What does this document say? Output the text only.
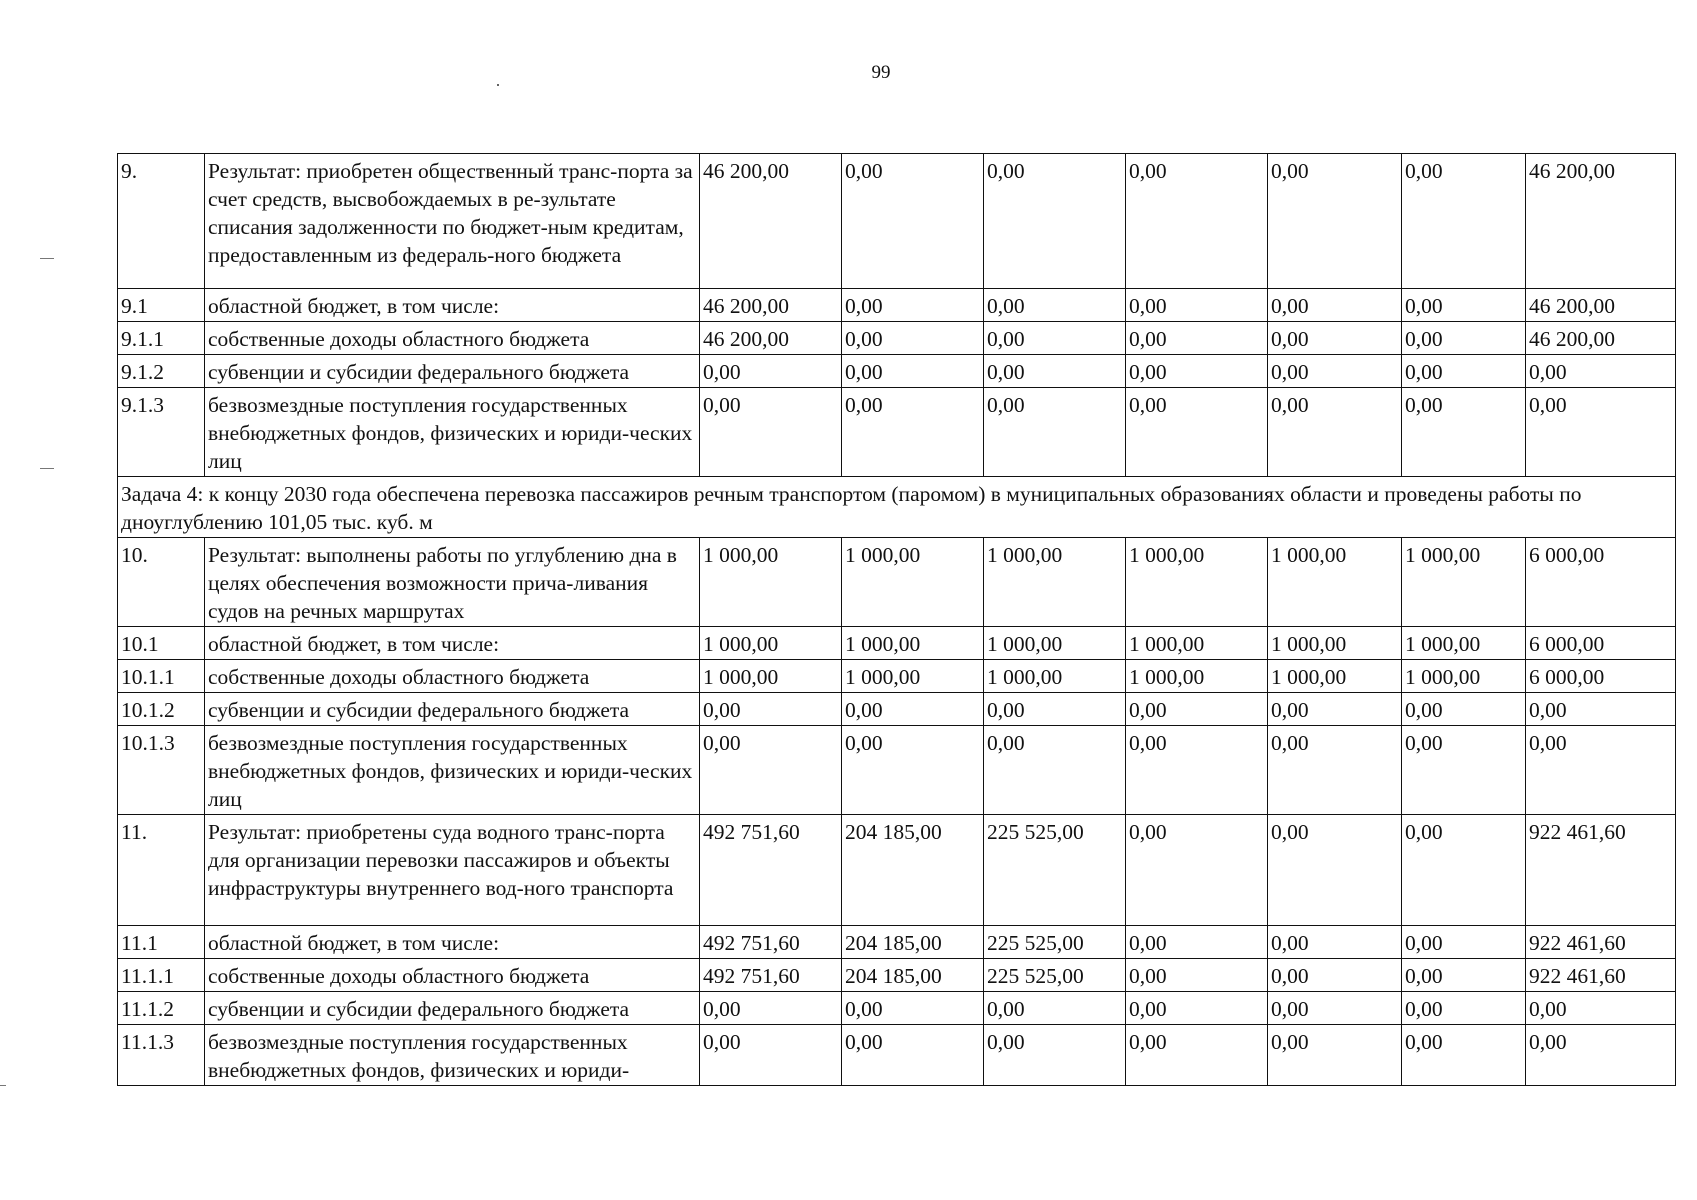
99
9.	Результат: приобретен общественный транс-порта за счет средств, высвобождаемых в ре-зультате списания задолженности по бюджет-ным кредитам, предоставленным из федераль-ного бюджета	46 200,00	0,00	0,00	0,00	0,00	0,00	46 200,00
9.1	областной бюджет, в том числе:	46 200,00	0,00	0,00	0,00	0,00	0,00	46 200,00
9.1.1	собственные доходы областного бюджета	46 200,00	0,00	0,00	0,00	0,00	0,00	46 200,00
9.1.2	субвенции и субсидии федерального бюджета	0,00	0,00	0,00	0,00	0,00	0,00	0,00
9.1.3	безвозмездные поступления государственных внебюджетных фондов, физических и юриди-ческих лиц	0,00	0,00	0,00	0,00	0,00	0,00	0,00
Задача 4: к концу 2030 года обеспечена перевозка пассажиров речным транспортом (паромом) в муниципальных образованиях области и проведены работы по дноуглублению 101,05 тыс. куб. м								
10.	Результат: выполнены работы по углублению дна в целях обеспечения возможности прича-ливания судов на речных маршрутах	1 000,00	1 000,00	1 000,00	1 000,00	1 000,00	1 000,00	6 000,00
10.1	областной бюджет, в том числе:	1 000,00	1 000,00	1 000,00	1 000,00	1 000,00	1 000,00	6 000,00
10.1.1	собственные доходы областного бюджета	1 000,00	1 000,00	1 000,00	1 000,00	1 000,00	1 000,00	6 000,00
10.1.2	субвенции и субсидии федерального бюджета	0,00	0,00	0,00	0,00	0,00	0,00	0,00
10.1.3	безвозмездные поступления государственных внебюджетных фондов, физических и юриди-ческих лиц	0,00	0,00	0,00	0,00	0,00	0,00	0,00
11.	Результат: приобретены суда водного транс-порта для организации перевозки пассажиров и объекты инфраструктуры внутреннего вод-ного транспорта	492 751,60	204 185,00	225 525,00	0,00	0,00	0,00	922 461,60
11.1	областной бюджет, в том числе:	492 751,60	204 185,00	225 525,00	0,00	0,00	0,00	922 461,60
11.1.1	собственные доходы областного бюджета	492 751,60	204 185,00	225 525,00	0,00	0,00	0,00	922 461,60
11.1.2	субвенции и субсидии федерального бюджета	0,00	0,00	0,00	0,00	0,00	0,00	0,00
11.1.3	безвозмездные поступления государственных внебюджетных фондов, физических и юриди-	0,00	0,00	0,00	0,00	0,00	0,00	0,00
